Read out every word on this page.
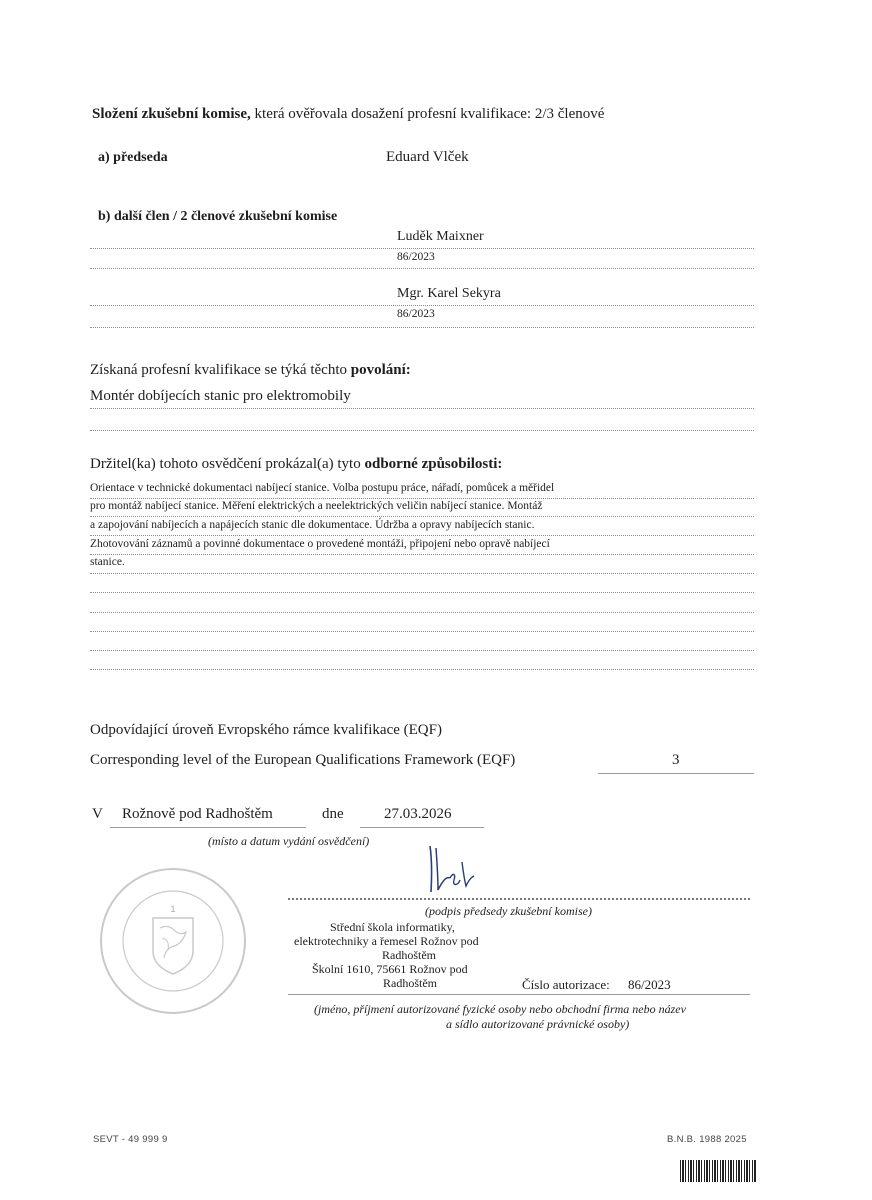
Složení zkušební komise, která ověřovala dosažení profesní kvalifikace: 2/3 členové
a) předseda	Eduard Vlček
b) další člen / 2 členové zkušební komise
Luděk Maixner
86/2023
Mgr. Karel Sekyra
86/2023
Získaná profesní kvalifikace se týká těchto povolání:
Montér dobíjecích stanic pro elektromobily
Držitel(ka) tohoto osvědčení prokázal(a) tyto odborné způsobilosti:
Orientace v technické dokumentaci nabíjecí stanice. Volba postupu práce, nářadí, pomůcek a měřidel
pro montáž nabíjecí stanice. Měření elektrických a neelektrických veličin nabíjecí stanice. Montáž
a zapojování nabíjecích a napájecích stanic dle dokumentace. Údržba a opravy nabíjecích stanic.
Zhotovování záznamů a povinné dokumentace o provedené montáži, připojení nebo opravě nabíjecí
stanice.
Odpovídající úroveň Evropského rámce kvalifikace (EQF)
Corresponding level of the European Qualifications Framework (EQF)	3
V Rožnově pod Radhoštěm	dne	27.03.2026
(místo a datum vydání osvědčení)
(podpis předsedy zkušební komise)
1
Střední škola informatiky,
elektrotechniky a řemesel Rožnov pod
Radhoštěm
Školní 1610, 75661 Rožnov pod
Radhoštěm	Číslo autorizace: 86/2023
(jméno, příjmení autorizované fyzické osoby nebo obchodní firma nebo název
a sídlo autorizované právnické osoby)
SEVT - 49 999 9	B.N.B. 1988 2025
